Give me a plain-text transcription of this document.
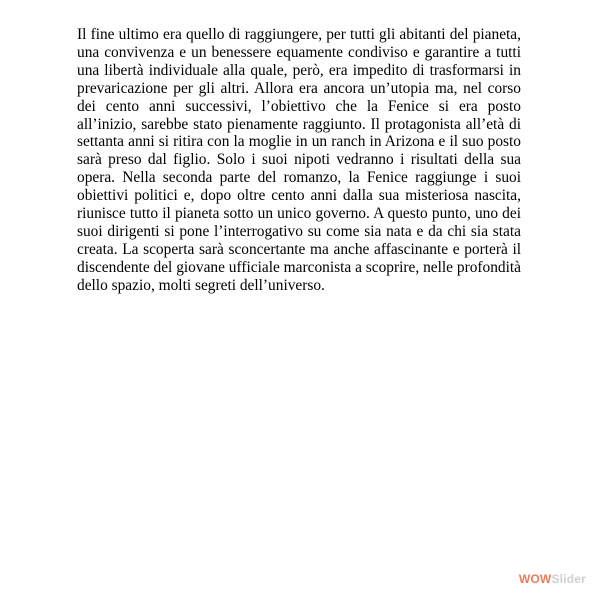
Il fine ultimo era quello di raggiungere, per tutti gli abitanti del pianeta, una convivenza e un benessere equamente condiviso e garantire a tutti una libertà individuale alla quale, però, era impedito di trasformarsi in prevaricazione per gli altri. Allora era ancora un’utopia ma, nel corso dei cento anni successivi, l’obiettivo che la Fenice si era posto all’inizio, sarebbe stato pienamente raggiunto. Il protagonista all’età di settanta anni si ritira con la moglie in un ranch in Arizona e il suo posto sarà preso dal figlio. Solo i suoi nipoti vedranno i risultati della sua opera. Nella seconda parte del romanzo, la Fenice raggiunge i suoi obiettivi politici e, dopo oltre cento anni dalla sua misteriosa nascita, riunisce tutto il pianeta sotto un unico governo. A questo punto, uno dei suoi dirigenti si pone l’interrogativo su come sia nata e da chi sia stata creata. La scoperta sarà sconcertante ma anche affascinante e porterà il discendente del giovane ufficiale marconista a scoprire, nelle profondità dello spazio, molti segreti dell’universo.

WOW Slider
